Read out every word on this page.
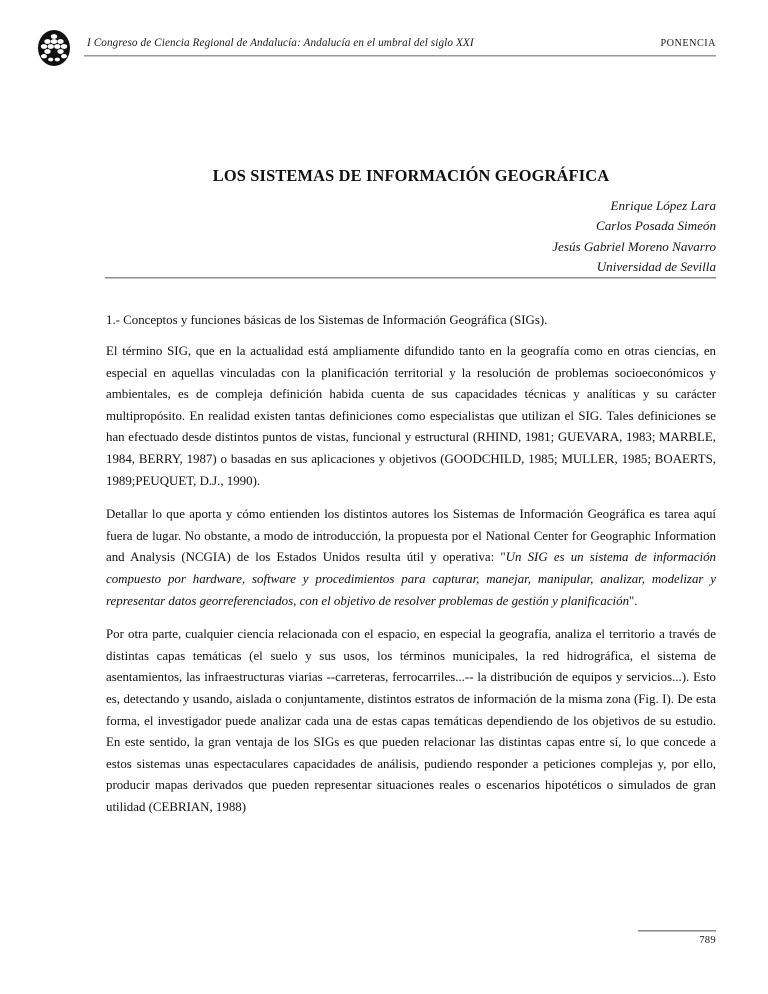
I Congreso de Ciencia Regional de Andalucía: Andalucía en el umbral del siglo XXI	PONENCIA
LOS SISTEMAS DE INFORMACIÓN GEOGRÁFICA
Enrique López Lara
Carlos Posada Simeón
Jesús Gabriel Moreno Navarro
Universidad de Sevilla

1.- Conceptos y funciones básicas de los Sistemas de Información Geográfica (SIGs).

El término SIG, que en la actualidad está ampliamente difundido tanto en la geografía como en otras ciencias, en especial en aquellas vinculadas con la planificación territorial y la resolución de problemas socioeconómicos y ambientales, es de compleja definición habida cuenta de sus capacidades técnicas y analíticas y su carácter multipropósito. En realidad existen tantas definiciones como especialistas que utilizan el SIG. Tales definiciones se han efectuado desde distintos puntos de vistas, funcional y estructural (RHIND, 1981; GUEVARA, 1983; MARBLE, 1984, BERRY, 1987) o basadas en sus aplicaciones y objetivos (GOODCHILD, 1985; MULLER, 1985; BOAERTS, 1989;PEUQUET, D.J., 1990).

Detallar lo que aporta y cómo entienden los distintos autores los Sistemas de Información Geográfica es tarea aquí fuera de lugar. No obstante, a modo de introducción, la propuesta por el National Center for Geographic Information and Analysis (NCGIA) de los Estados Unidos resulta útil y operativa: "Un SIG es un sistema de información compuesto por hardware, software y procedimientos para capturar, manejar, manipular, analizar, modelizar y representar datos georreferenciados, con el objetivo de resolver problemas de gestión y planificación".

Por otra parte, cualquier ciencia relacionada con el espacio, en especial la geografía, analiza el territorio a través de distintas capas temáticas (el suelo y sus usos, los términos municipales, la red hidrográfica, el sistema de asentamientos, las infraestructuras viarias --carreteras, ferrocarriles...-- la distribución de equipos y servicios...). Esto es, detectando y usando, aislada o conjuntamente, distintos estratos de información de la misma zona (Fig. I). De esta forma, el investigador puede analizar cada una de estas capas temáticas dependiendo de los objetivos de su estudio. En este sentido, la gran ventaja de los SIGs es que pueden relacionar las distintas capas entre sí, lo que concede a estos sistemas unas espectaculares capacidades de análisis, pudiendo responder a peticiones complejas y, por ello, producir mapas derivados que pueden representar situaciones reales o escenarios hipotéticos o simulados de gran utilidad (CEBRIAN, 1988)

789
